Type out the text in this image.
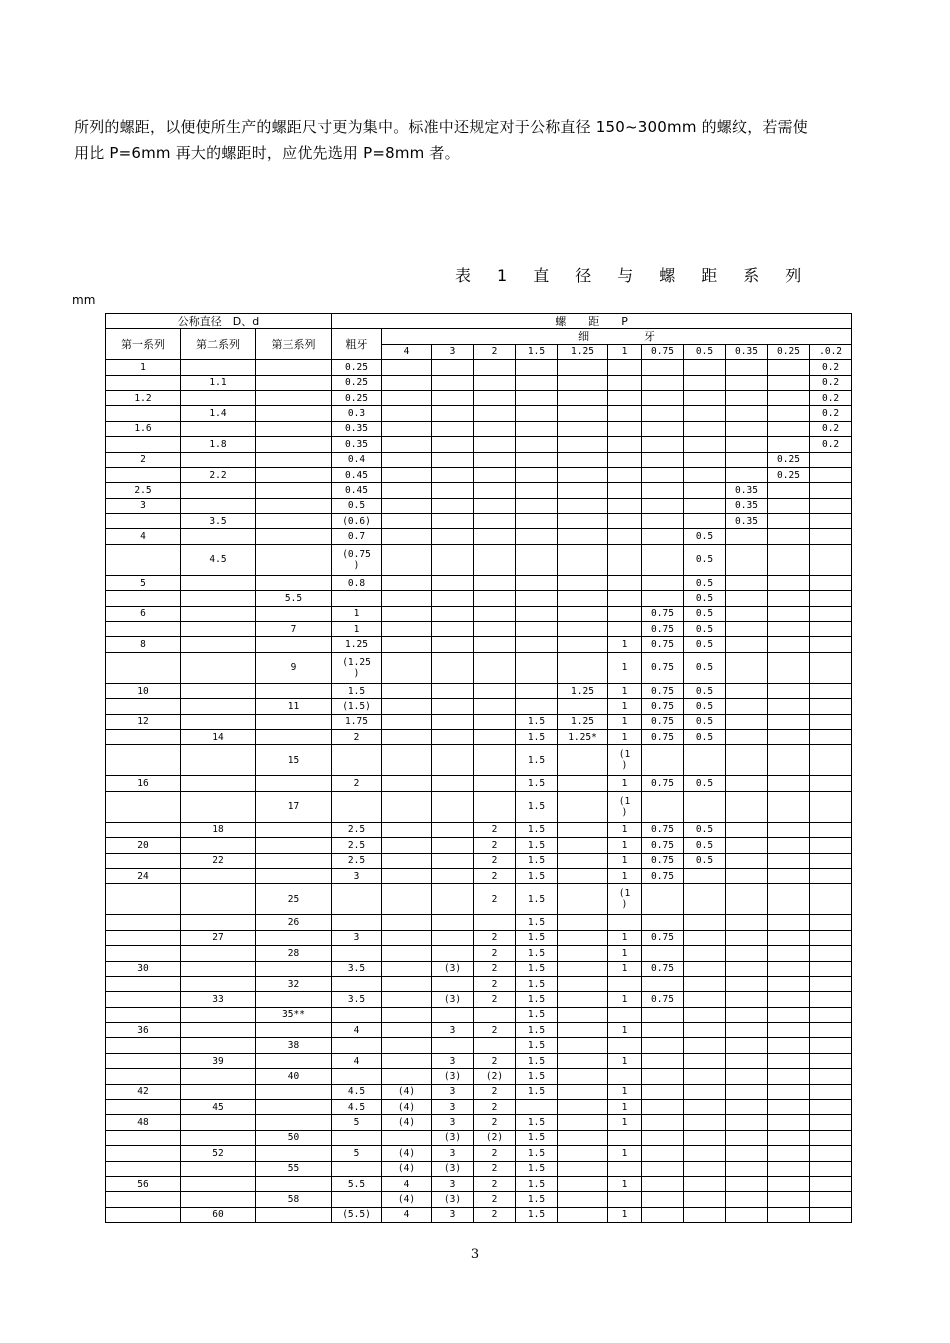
所列的螺距，以便使所生产的螺距尺寸更为集中。标准中还规定对于公称直径 150~300mm 的螺纹，若需使

用比 P=6mm 再大的螺距时，应优先选用 P=8mm 者。

表 1 直 径 与 螺 距 系 列
mm
公称直径　D、d			螺　　距　　P											
第一系列	第二系列	第三系列	粗牙	细　　　　　牙										
				4	3	2	1.5	1.25	1	0.75	0.5	0.35	0.25	.0.2
1			0.25											0.2
	1.1		0.25											0.2
1.2			0.25											0.2
	1.4		0.3											0.2
1.6			0.35											0.2
	1.8		0.35											0.2
2			0.4										0.25	
	2.2		0.45										0.25	
2.5			0.45									0.35		
3			0.5									0.35		
	3.5		(0.6)									0.35		
4			0.7								0.5			
	4.5		(0.75
)								0.5			
5			0.8								0.5			
		5.5									0.5			
6			1							0.75	0.5			
		7	1							0.75	0.5			
8			1.25						1	0.75	0.5			
		9	(1.25
)						1	0.75	0.5			
10			1.5					1.25	1	0.75	0.5			
		11	(1.5)						1	0.75	0.5			
12			1.75				1.5	1.25	1	0.75	0.5			
	14		2				1.5	1.25*	1	0.75	0.5			
		15					1.5		(1
)					
16			2				1.5		1	0.75	0.5			
		17					1.5		(1
)					
	18		2.5			2	1.5		1	0.75	0.5			
20			2.5			2	1.5		1	0.75	0.5			
	22		2.5			2	1.5		1	0.75	0.5			
24			3			2	1.5		1	0.75				
		25				2	1.5		(1
)					
		26					1.5							
	27		3			2	1.5		1	0.75				
		28				2	1.5		1					
30			3.5		(3)	2	1.5		1	0.75				
		32				2	1.5							
	33		3.5		(3)	2	1.5		1	0.75				
		35**					1.5							
36			4		3	2	1.5		1					
		38					1.5							
	39		4		3	2	1.5		1					
		40			(3)	(2)	1.5							
42			4.5	(4)	3	2	1.5		1					
	45		4.5	(4)	3	2			1					
48			5	(4)	3	2	1.5		1					
		50			(3)	(2)	1.5							
	52		5	(4)	3	2	1.5		1					
		55		(4)	(3)	2	1.5							
56			5.5	4	3	2	1.5		1					
		58		(4)	(3)	2	1.5							
	60		(5.5)	4	3	2	1.5		1					
3
